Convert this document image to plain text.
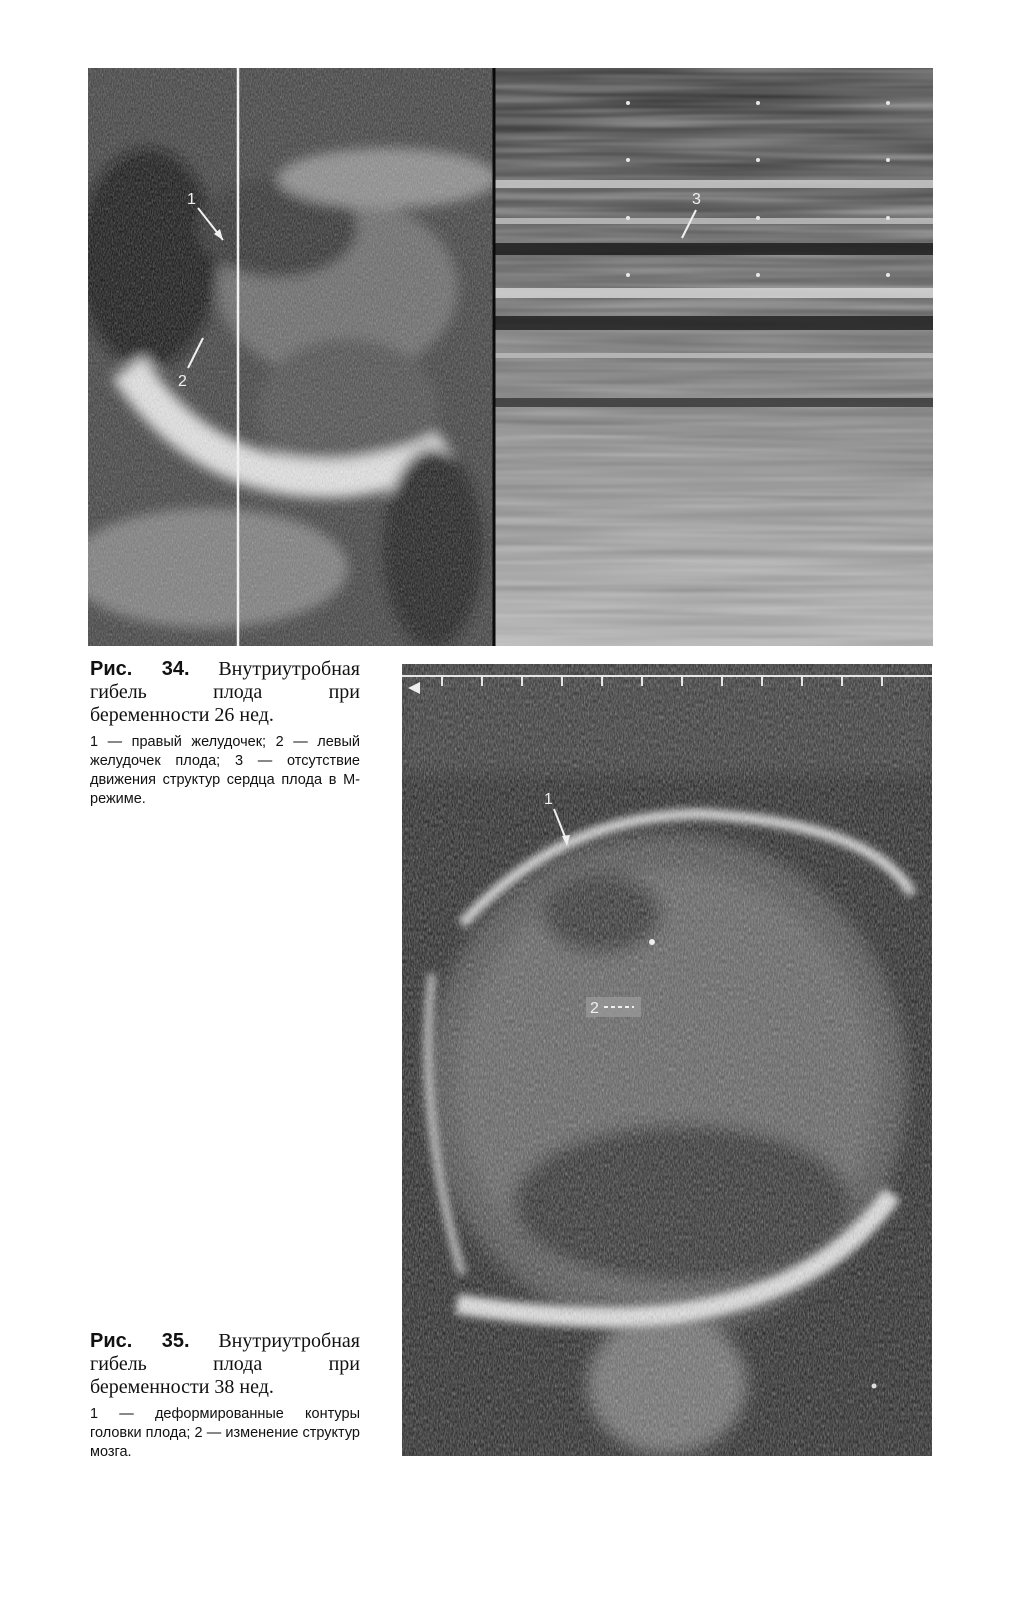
1
2
3
Рис. 34. Внутриутробная гибель плода при беременности 26 нед.
1 — правый желудочек; 2 — левый желудочек плода; 3 — отсутствие движения структур сердца плода в М-режиме.	1
2
Рис. 35. Внутриутробная гибель плода при беременности 38 нед.
1 — деформированные контуры головки плода; 2 — изменение структур мозга.
